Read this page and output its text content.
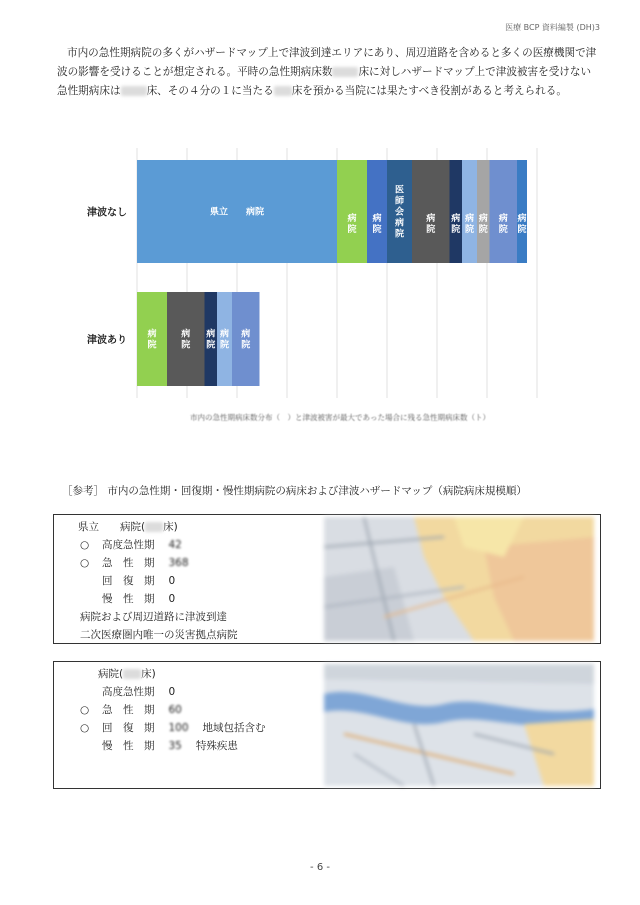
医療 BCP 資料編製 (DH)3
市内の急性期病院の多くがハザードマップ上で津波到達エリアにあり、周辺道路を含めると多くの医療機関で津波の影響を受けることが想定される。平時の急性期病床数 床に対しハザードマップ上で津波被害を受けない急性期病床は 床、その４分の１に当たる 床を預かる当院には果たすべき役割があると考えられる。
津波なし	県立　　病院
病院
病院
医師会病院
病院
病院
病院
病院
病院
病院
津波あり
病院
病院
病院
病院
病院
市内の急性期病床数分布（　）と津波被害が最大であった場合に残る急性期病床数（ト）
［参考］ 市内の急性期・回復期・慢性期病院の病床および津波ハザードマップ（病院病床規模順）
県立　　病院( 床)
○ 高度急性期 42
○ 急　性　期 368
回　復　期 0
慢　性　期 0
病院および周辺道路に津波到達
二次医療圏内唯一の災害拠点病院
病院( 床)
高度急性期 0
○ 急　性　期 60
○ 回　復　期 100 地域包括含む
慢　性　期 35 特殊疾患
- 6 -
